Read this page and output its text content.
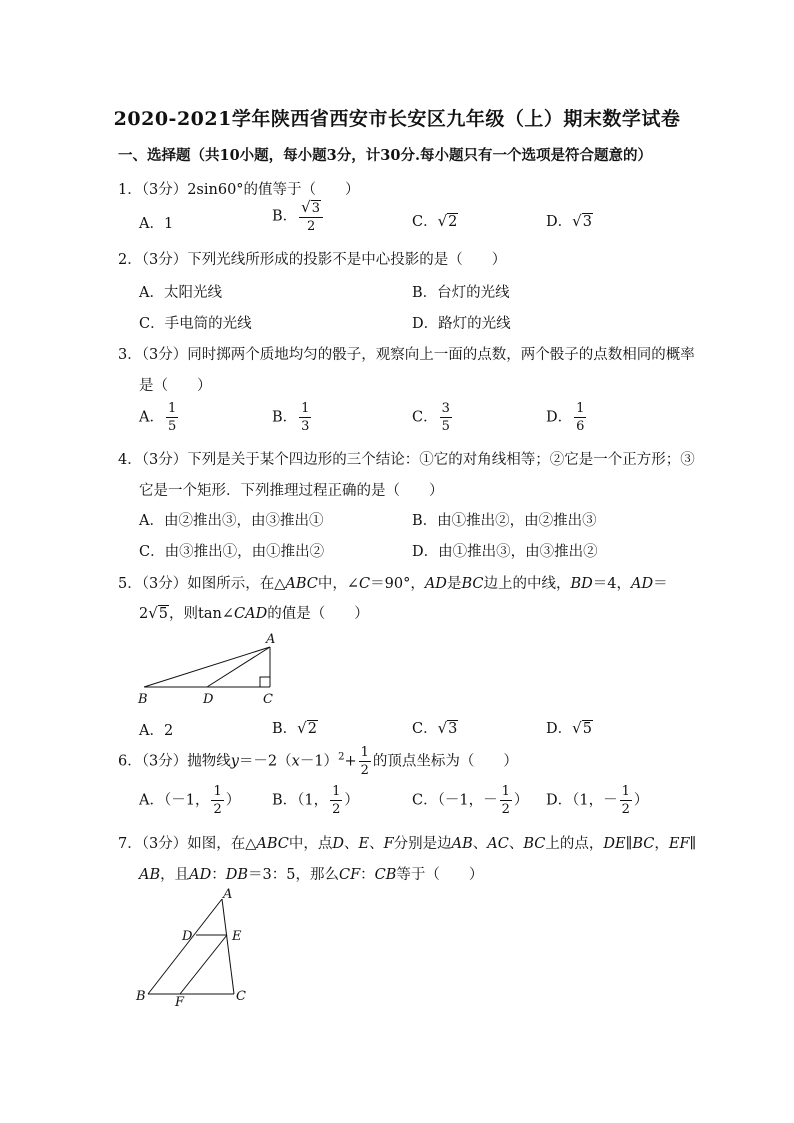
2020-2021学年陕西省西安市长安区九年级（上）期末数学试卷
一、选择题（共10小题，每小题3分，计30分.每小题只有一个选项是符合题意的）
1．（3分）2sin60°的值等于（　　）
A．1	B． $\frac{√3}{2}$	C．√2	D．√3
2．（3分）下列光线所形成的投影不是中心投影的是（　　）
A．太阳光线	B．台灯的光线
C．手电筒的光线	D．路灯的光线
3．（3分）同时掷两个质地均匀的骰子，观察向上一面的点数，两个骰子的点数相同的概率
是（　　）
A． $\frac{1}{5}$	B． $\frac{1}{3}$	C． $\frac{3}{5}$	D． $\frac{1}{6}$
4．（3分）下列是关于某个四边形的三个结论：①它的对角线相等；②它是一个正方形；③
它是一个矩形．下列推理过程正确的是（　　）
A．由②推出③，由③推出①	B．由①推出②，由②推出③
C．由③推出①，由①推出②	D．由①推出③，由③推出②
5．（3分）如图所示，在△ABC中，∠C＝90°，AD是BC边上的中线，BD＝4，AD＝
2√5，则tan∠CAD的值是（　　）
A
B	D	C
A．2	B．√2	C．√3	D．√5
6．（3分）抛物线$y=-2(x-1)^2+ \frac{1}{2}$ 的顶点坐标为（　　）
A．（－1， $\frac{1}{2}$ ） B．（1， $\frac{1}{2}$ ）	C．（－1，－ $\frac{1}{2}$ ） D．（1，－ $\frac{1}{2}$ ）
7．（3分）如图，在△ABC中，点D、E、F分别是边AB、AC、BC上的点，DE∥BC，EF∥
AB，且AD：DB＝3：5，那么CF：CB等于（　　）
A
D	E
B F	C
